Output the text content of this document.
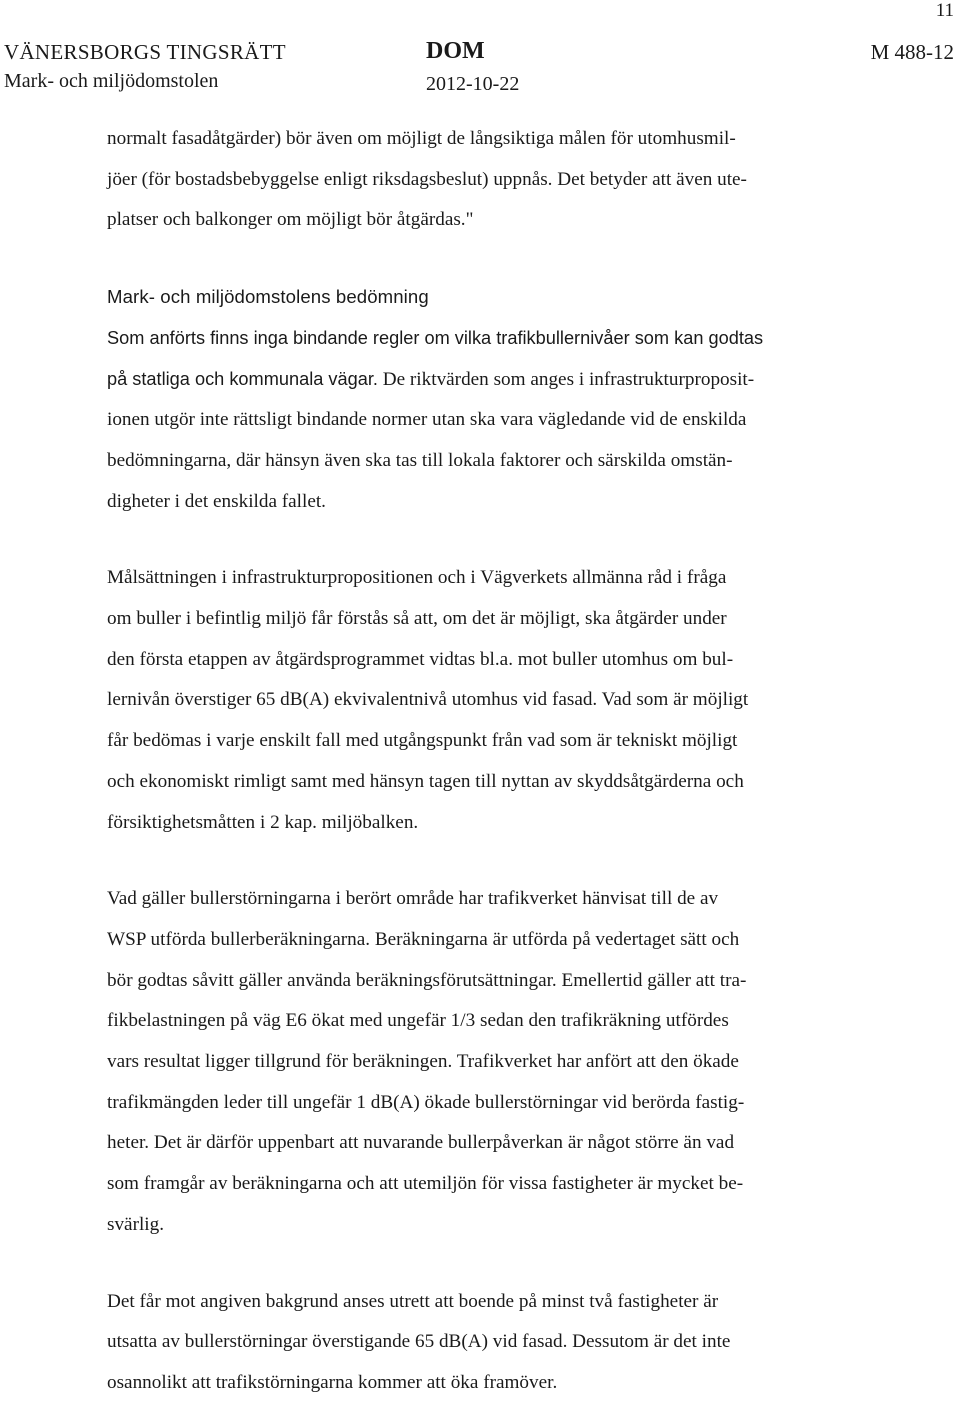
11
VÄNERSBORGS TINGSRÄTT
Mark- och miljödomstolen
DOM
2012-10-22
M 488-12

normalt fasadåtgärder) bör även om möjligt de långsiktiga målen för utomhusmil-
jöer (för bostadsbebyggelse enligt riksdagsbeslut) uppnås. Det betyder att även ute-
platser och balkonger om möjligt bör åtgärdas."

Mark- och miljödomstolens bedömning
Som anförts finns inga bindande regler om vilka trafikbullernivåer som kan godtas
på statliga och kommunala vägar. De riktvärden som anges i infrastrukturproposit-
ionen utgör inte rättsligt bindande normer utan ska vara vägledande vid de enskilda
bedömningarna, där hänsyn även ska tas till lokala faktorer och särskilda omstän-
digheter i det enskilda fallet.

Målsättningen i infrastrukturpropositionen och i Vägverkets allmänna råd i fråga
om buller i befintlig miljö får förstås så att, om det är möjligt, ska åtgärder under
den första etappen av åtgärdsprogrammet vidtas bl.a. mot buller utomhus om bul-
lernivån överstiger 65 dB(A) ekvivalentnivå utomhus vid fasad. Vad som är möjligt
får bedömas i varje enskilt fall med utgångspunkt från vad som är tekniskt möjligt
och ekonomiskt rimligt samt med hänsyn tagen till nyttan av skyddsåtgärderna och
försiktighetsmåtten i 2 kap. miljöbalken.

Vad gäller bullerstörningarna i berört område har trafikverket hänvisat till de av
WSP utförda bullerberäkningarna. Beräkningarna är utförda på vedertaget sätt och
bör godtas såvitt gäller använda beräkningsförutsättningar. Emellertid gäller att tra-
fikbelastningen på väg E6 ökat med ungefär 1/3 sedan den trafikräkning utfördes
vars resultat ligger tillgrund för beräkningen. Trafikverket har anfört att den ökade
trafikmängden leder till ungefär 1 dB(A) ökade bullerstörningar vid berörda fastig-
heter. Det är därför uppenbart att nuvarande bullerpåverkan är något större än vad
som framgår av beräkningarna och att utemiljön för vissa fastigheter är mycket be-
svärlig.

Det får mot angiven bakgrund anses utrett att boende på minst två fastigheter är
utsatta av bullerstörningar överstigande 65 dB(A) vid fasad. Dessutom är det inte
osannolikt att trafikstörningarna kommer att öka framöver.
